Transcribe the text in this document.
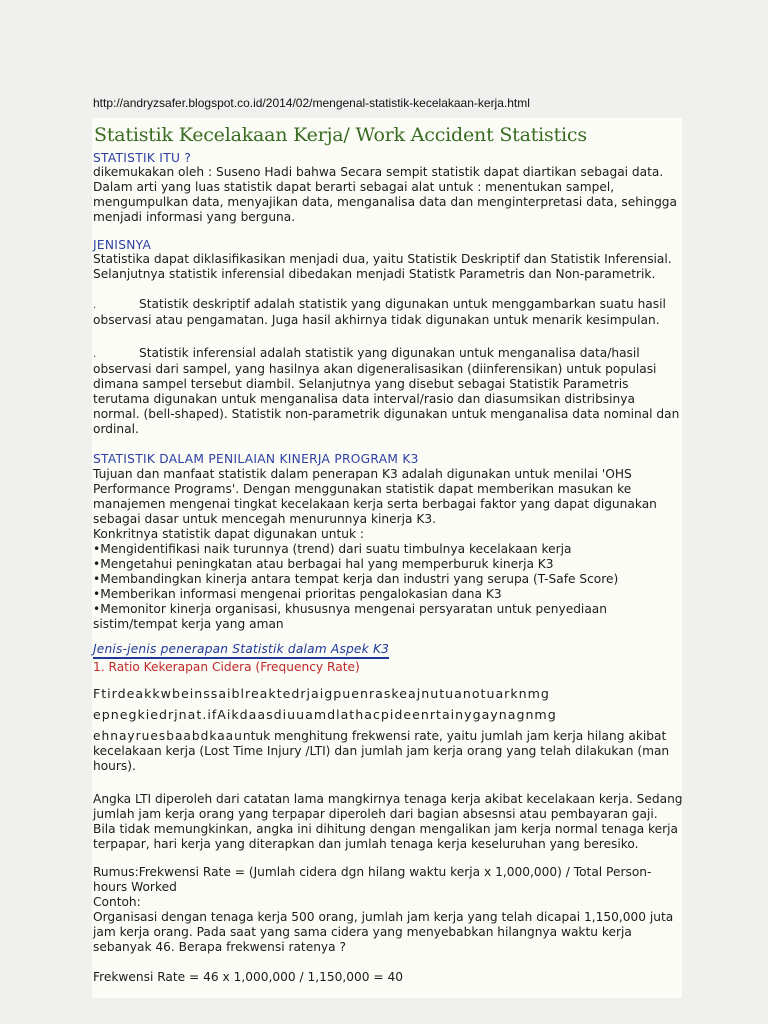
http://andryzsafer.blogspot.co.id/2014/02/mengenal-statistik-kecelakaan-kerja.html
Statistik Kecelakaan Kerja/ Work Accident Statistics
STATISTIK ITU ?

dikemukakan oleh : Suseno Hadi bahwa Secara sempit statistik dapat diartikan sebagai data. Dalam arti yang luas statistik dapat berarti sebagai alat untuk : menentukan sampel, mengumpulkan data, menyajikan data, menganalisa data dan menginterpretasi data, sehingga menjadi informasi yang berguna.

JENISNYA

Statistika dapat diklasifikasikan menjadi dua, yaitu Statistik Deskriptif dan Statistik Inferensial. Selanjutnya statistik inferensial dibedakan menjadi Statistk Parametris dan Non-parametrik.

.	Statistik deskriptif adalah statistik yang digunakan untuk menggambarkan suatu hasil observasi atau pengamatan. Juga hasil akhirnya tidak digunakan untuk menarik kesimpulan.

.	Statistik inferensial adalah statistik yang digunakan untuk menganalisa data/hasil observasi dari sampel, yang hasilnya akan digeneralisasikan (diinferensikan) untuk populasi dimana sampel tersebut diambil. Selanjutnya yang disebut sebagai Statistik Parametris terutama digunakan untuk menganalisa data interval/rasio dan diasumsikan distribsinya normal. (bell-shaped). Statistik non-parametrik digunakan untuk menganalisa data nominal dan ordinal.

STATISTIK DALAM PENILAIAN KINERJA PROGRAM K3

Tujuan dan manfaat statistik dalam penerapan K3 adalah digunakan untuk menilai 'OHS Performance Programs'. Dengan menggunakan statistik dapat memberikan masukan ke manajemen mengenai tingkat kecelakaan kerja serta berbagai faktor yang dapat digunakan sebagai dasar untuk mencegah menurunnya kinerja K3.

Konkritnya statistik dapat digunakan untuk :

• Mengidentifikasi naik turunnya (trend) dari suatu timbulnya kecelakaan kerja
• Mengetahui peningkatan atau berbagai hal yang memperburuk kinerja K3
• Membandingkan kinerja antara tempat kerja dan industri yang serupa (T-Safe Score)
• Memberikan informasi mengenai prioritas pengalokasian dana K3
• Memonitor kinerja organisasi, khususnya mengenai persyaratan untuk penyediaan sistim/tempat kerja yang aman
Jenis-jenis penerapan Statistik dalam Aspek K3
1. Ratio Kekerapan Cidera (Frequency Rate)
Ftirdeakkwbeinssaiblreaktedrjaigpuenraskeajnutuanotuarknmg
epnegkiedrjnat.ifAikdaasdiuuamdlathacpideenrtainygaynagnmg

ehnayruesbaabdkaauntuk menghitung frekwensi rate, yaitu jumlah jam kerja hilang akibat kecelakaan kerja (Lost Time Injury /LTI) dan jumlah jam kerja orang yang telah dilakukan (man hours).

Angka LTI diperoleh dari catatan lama mangkirnya tenaga kerja akibat kecelakaan kerja. Sedang jumlah jam kerja orang yang terpapar diperoleh dari bagian absesnsi atau pembayaran gaji. Bila tidak memungkinkan, angka ini dihitung dengan mengalikan jam kerja normal tenaga kerja terpapar, hari kerja yang diterapkan dan jumlah tenaga kerja keseluruhan yang beresiko.

Rumus:Frekwensi Rate = (Jumlah cidera dgn hilang waktu kerja x 1,000,000) / Total Person-hours Worked

Contoh:

Organisasi dengan tenaga kerja 500 orang, jumlah jam kerja yang telah dicapai 1,150,000 juta jam kerja orang. Pada saat yang sama cidera yang menyebabkan hilangnya waktu kerja sebanyak 46. Berapa frekwensi ratenya ?

Frekwensi Rate = 46 x 1,000,000 / 1,150,000 = 40
